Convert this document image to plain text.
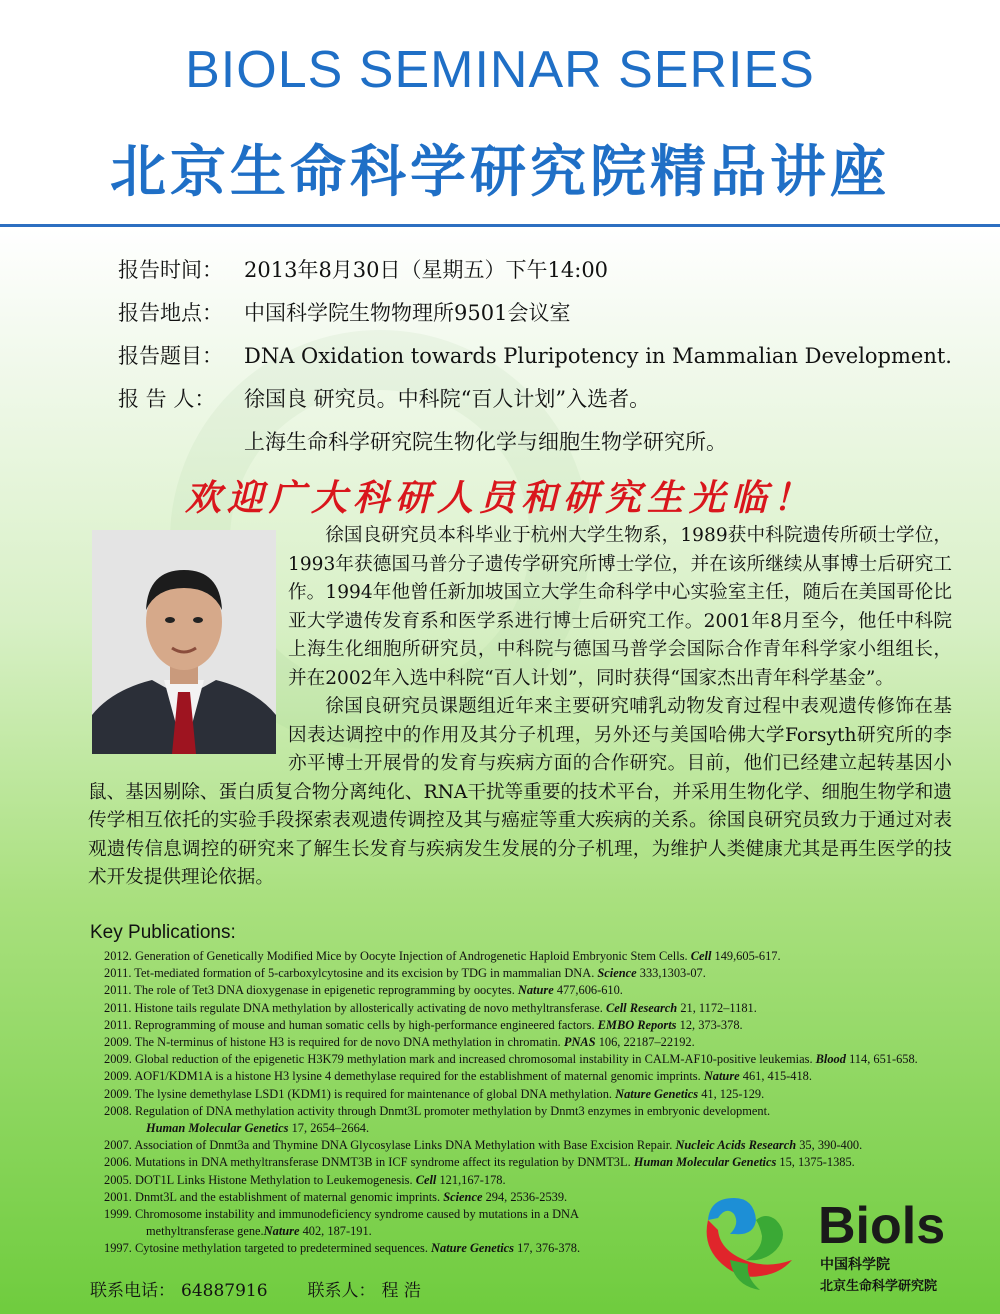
BIOLS SEMINAR SERIES
北京生命科学研究院精品讲座
报告时间： 2013年8月30日（星期五）下午14:00
报告地点： 中国科学院生物物理所9501会议室
报告题目： DNA Oxidation towards Pluripotency in Mammalian Development.
报 告 人： 徐国良 研究员。中科院“百人计划”入选者。
上海生命科学研究院生物化学与细胞生物学研究所。
欢迎广大科研人员和研究生光临！

徐国良研究员本科毕业于杭州大学生物系，1989获中科院遗传所硕士学位，1993年获德国马普分子遗传学研究所博士学位，并在该所继续从事博士后研究工作。1994年他曾任新加坡国立大学生命科学中心实验室主任，随后在美国哥伦比亚大学遗传发育系和医学系进行博士后研究工作。2001年8月至今，他任中科院上海生化细胞所研究员，中科院与德国马普学会国际合作青年科学家小组组长，并在2002年入选中科院“百人计划”，同时获得“国家杰出青年科学基金”。

徐国良研究员课题组近年来主要研究哺乳动物发育过程中表观遗传修饰在基因表达调控中的作用及其分子机理，另外还与美国哈佛大学Forsyth研究所的李亦平博士开展骨的发育与疾病方面的合作研究。目前，他们已经建立起转基因小鼠、基因剔除、蛋白质复合物分离纯化、RNA干扰等重要的技术平台，并采用生物化学、细胞生物学和遗传学相互依托的实验手段探索表观遗传调控及其与癌症等重大疾病的关系。徐国良研究员致力于通过对表观遗传信息调控的研究来了解生长发育与疾病发生发展的分子机理，为维护人类健康尤其是再生医学的技术开发提供理论依据。

Key Publications:
2012. Generation of Genetically Modified Mice by Oocyte Injection of Androgenetic Haploid Embryonic Stem Cells. Cell 149,605-617.
2011. Tet-mediated formation of 5-carboxylcytosine and its excision by TDG in mammalian DNA. Science 333,1303-07.
2011. The role of Tet3 DNA dioxygenase in epigenetic reprogramming by oocytes. Nature 477,606-610.
2011. Histone tails regulate DNA methylation by allosterically activating de novo methyltransferase. Cell Research 21, 1172–1181.
2011. Reprogramming of mouse and human somatic cells by high-performance engineered factors. EMBO Reports 12, 373-378.
2009. The N-terminus of histone H3 is required for de novo DNA methylation in chromatin. PNAS 106, 22187–22192.
2009. Global reduction of the epigenetic H3K79 methylation mark and increased chromosomal instability in CALM-AF10-positive leukemias. Blood 114, 651-658.
2009. AOF1/KDM1A is a histone H3 lysine 4 demethylase required for the establishment of maternal genomic imprints. Nature 461, 415-418.
2009. The lysine demethylase LSD1 (KDM1) is required for maintenance of global DNA methylation. Nature Genetics 41, 125-129.
2008. Regulation of DNA methylation activity through Dnmt3L promoter methylation by Dnmt3 enzymes in embryonic development.
Human Molecular Genetics 17, 2654–2664.
2007. Association of Dnmt3a and Thymine DNA Glycosylase Links DNA Methylation with Base Excision Repair. Nucleic Acids Research 35, 390-400.
2006. Mutations in DNA methyltransferase DNMT3B in ICF syndrome affect its regulation by DNMT3L. Human Molecular Genetics 15, 1375-1385.
2005. DOT1L Links Histone Methylation to Leukemogenesis. Cell 121,167-178.
2001. Dnmt3L and the establishment of maternal genomic imprints. Science 294, 2536-2539.
1999. Chromosome instability and immunodeficiency syndrome caused by mutations in a DNA
methyltransferase gene.Nature 402, 187-191.
1997. Cytosine methylation targeted to predetermined sequences. Nature Genetics 17, 376-378.
联系电话： 64887916 联系人： 程 浩
Biols
中国科学院
北京生命科学研究院
